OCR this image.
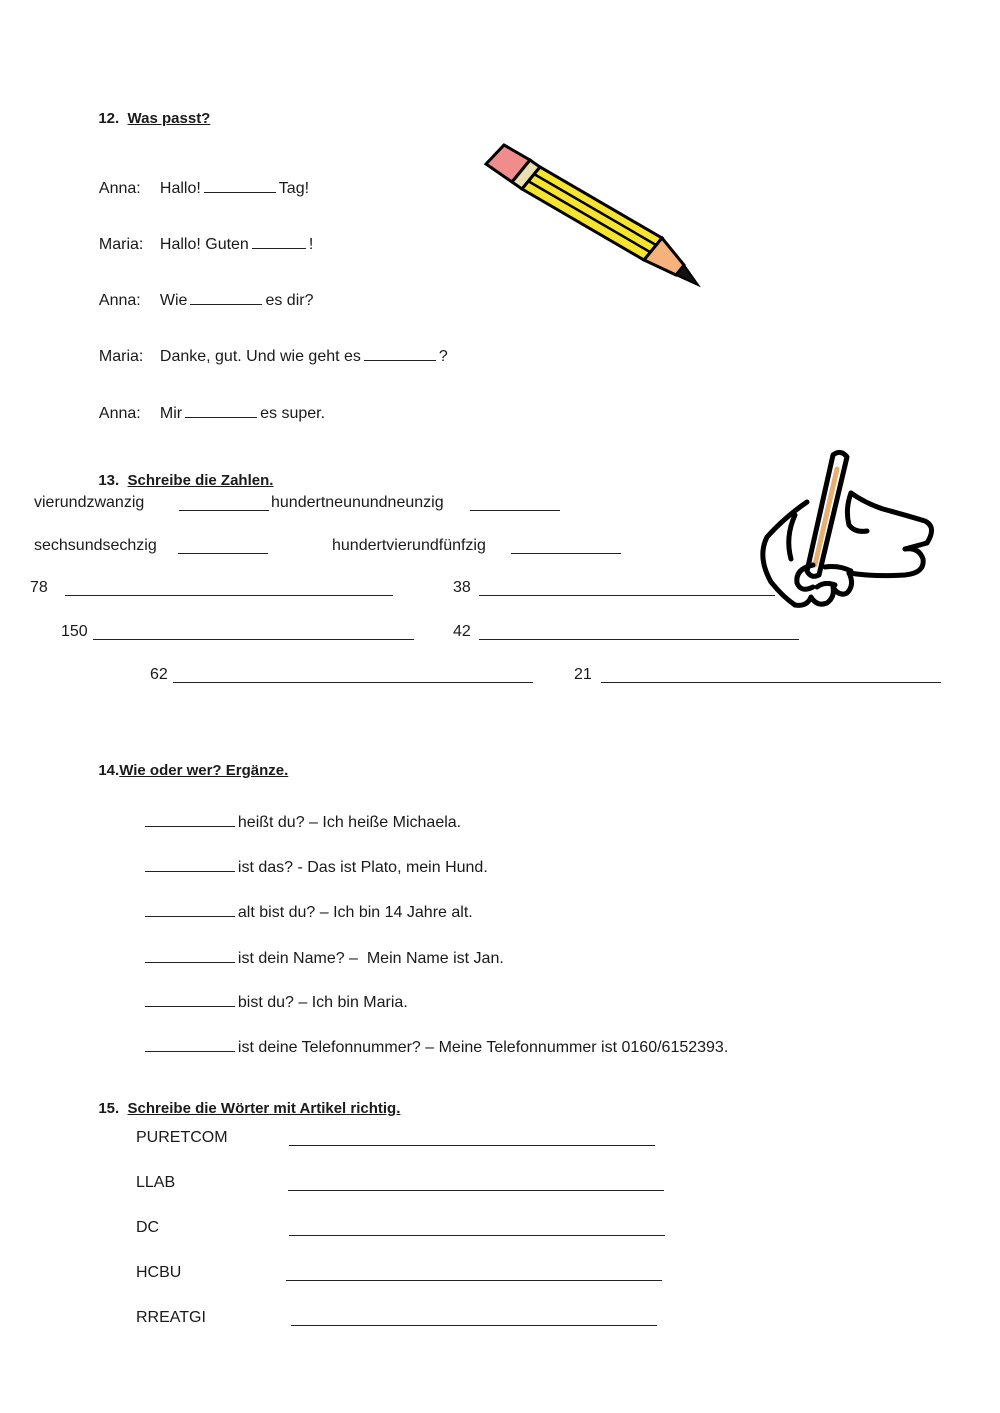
12. Was passt?

Anna: Hallo!	Tag!

Maria: Hallo! Guten	!

Anna: Wie	es dir?

Maria: Danke, gut. Und wie geht es	?

Anna: Mir	es super.

13. Schreibe die Zahlen.

vierundzwanzig	hundertneunundneunzig
sechsundsechzig	hundertvierundfünfzig
78	38
150	42
62	21

14.Wie oder wer? Ergänze.

heißt du? – Ich heiße Michaela.

ist das? - Das ist Plato, mein Hund.

alt bist du? – Ich bin 14 Jahre alt.

ist dein Name? –  Mein Name ist Jan.

bist du? – Ich bin Maria.

ist deine Telefonnummer? – Meine Telefonnummer ist 0160/6152393.

15. Schreibe die Wörter mit Artikel richtig.

PURETCOM
LLAB
DC
HCBU
RREATGI
